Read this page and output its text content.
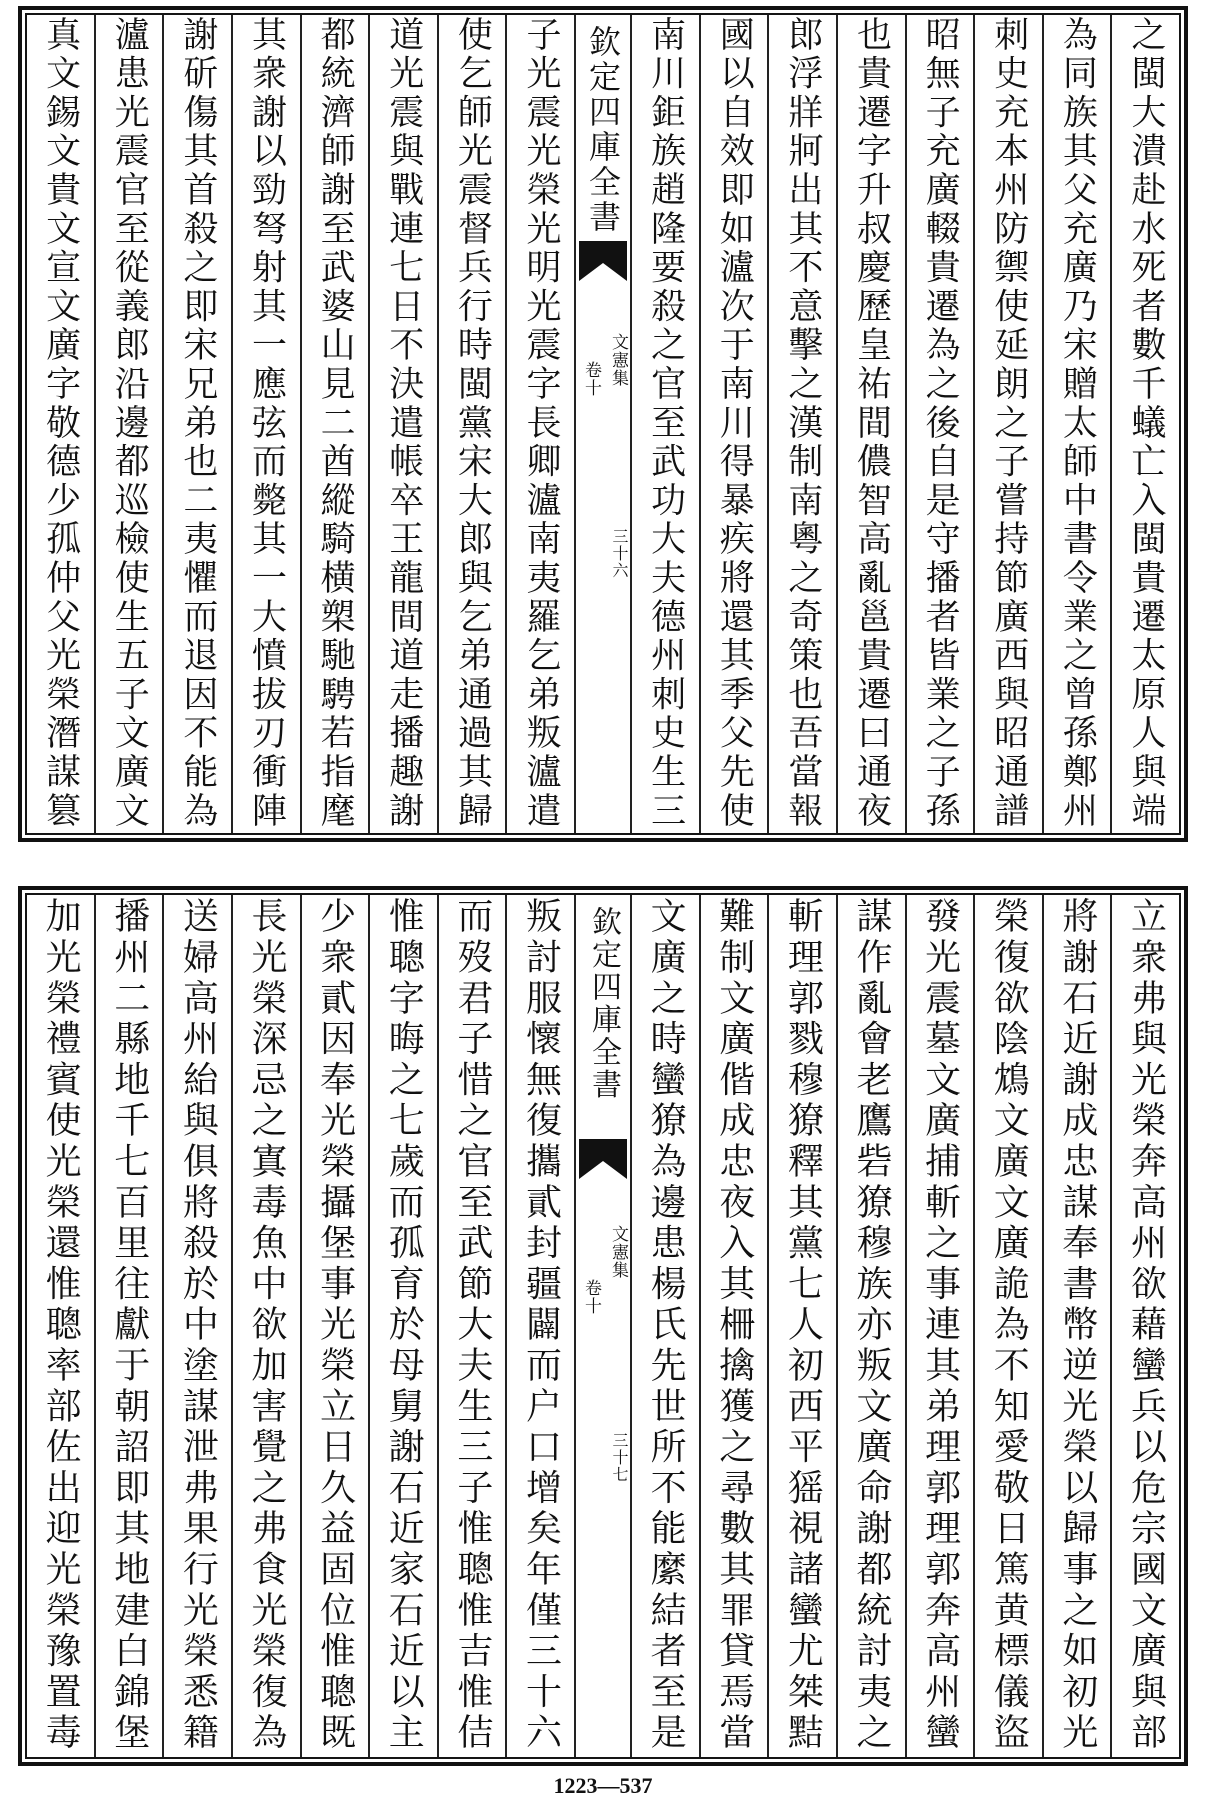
之閩大潰赴水死者數千蟻亡入閩貴遷太原人與端
為同族其父充廣乃宋贈太師中書令業之曾孫鄭州
刺史充本州防禦使延朗之子嘗持節廣西與昭通譜
昭無子充廣輟貴遷為之後自是守播者皆業之子孫
也貴遷字升叔慶歷皇祐間儂智高亂邕貴遷曰通夜
郎浮牂牁出其不意擊之漢制南粵之奇策也吾當報
國以自效即如瀘次于南川得暴疾將還其季父先使
南川鉅族趙隆要殺之官至武功大夫德州刺史生三
欽定四庫全書
文憲集
卷十
三十六
子光震光榮光明光震字長卿瀘南夷羅乞弟叛瀘遣
使乞師光震督兵行時閩黨宋大郎與乞弟通過其歸
道光震與戰連七日不決遣帳卒王龍間道走播趣謝
都統濟師謝至武婆山見二酋縱騎横槊馳騁若指麾
其衆謝以勁弩射其一應弦而斃其一大憤拔刃衝陣
謝斫傷其首殺之即宋兄弟也二夷懼而退因不能為
瀘患光震官至從義郎沿邊都巡檢使生五子文廣文
真文錫文貴文宣文廣字敬德少孤仲父光榮潛謀篡
立衆弗與光榮奔高州欲藉蠻兵以危宗國文廣與部
將謝石近謝成忠謀奉書幣逆光榮以歸事之如初光
榮復欲陰鴆文廣文廣詭為不知愛敬日篤黄標儀盜
發光震墓文廣捕斬之事連其弟理郭理郭奔高州蠻
謀作亂會老鷹砦獠穆族亦叛文廣命謝都統討夷之
斬理郭戮穆獠釋其黨七人初西平猺視諸蠻尤桀黠
難制文廣偕成忠夜入其柵擒獲之尋數其罪貸焉當
文廣之時蠻獠為邊患楊氏先世所不能縻結者至是
欽定四庫全書
文憲集
卷十
三十七
叛討服懷無復攜貳封疆闢而户口增矣年僅三十六
而歿君子惜之官至武節大夫生三子惟聰惟吉惟佶
惟聰字晦之七歲而孤育於母舅謝石近家石近以主
少衆貳因奉光榮攝堡事光榮立日久益固位惟聰既
長光榮深忌之寘毒魚中欲加害覺之弗食光榮復為
送婦高州紿與俱將殺於中塗謀泄弗果行光榮悉籍
播州二縣地千七百里往獻于朝詔即其地建白錦堡
加光榮禮賓使光榮還惟聰率部佐出迎光榮豫置毒
1223—537
